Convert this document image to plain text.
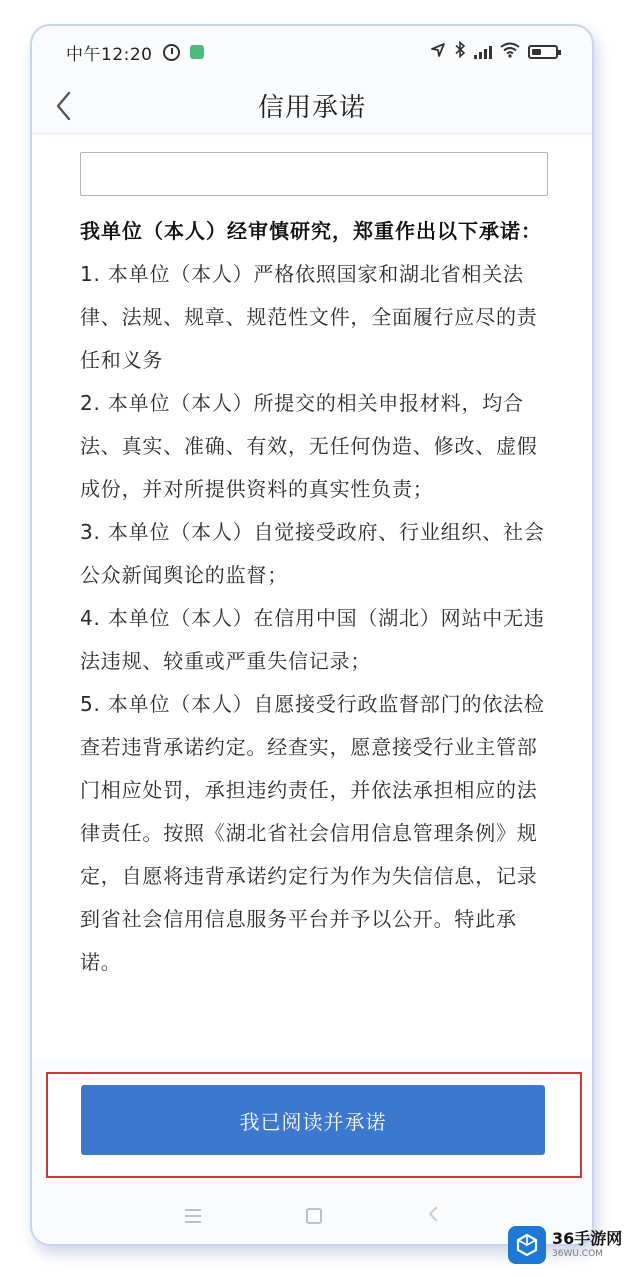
中午12:20
信用承诺
我单位（本人）经审慎研究，郑重作出以下承诺：
1. 本单位（本人）严格依照国家和湖北省相关法律、法规、规章、规范性文件，全面履行应尽的责任和义务
2. 本单位（本人）所提交的相关申报材料，均合法、真实、准确、有效，无任何伪造、修改、虚假成份，并对所提供资料的真实性负责；
3. 本单位（本人）自觉接受政府、行业组织、社会公众新闻舆论的监督；
4. 本单位（本人）在信用中国（湖北）网站中无违法违规、较重或严重失信记录；
5. 本单位（本人）自愿接受行政监督部门的依法检查若违背承诺约定。经查实，愿意接受行业主管部门相应处罚，承担违约责任，并依法承担相应的法律责任。按照《湖北省社会信用信息管理条例》规定，自愿将违背承诺约定行为作为失信信息，记录到省社会信用信息服务平台并予以公开。特此承诺。
我已阅读并承诺
36手游网
36WU.COM
